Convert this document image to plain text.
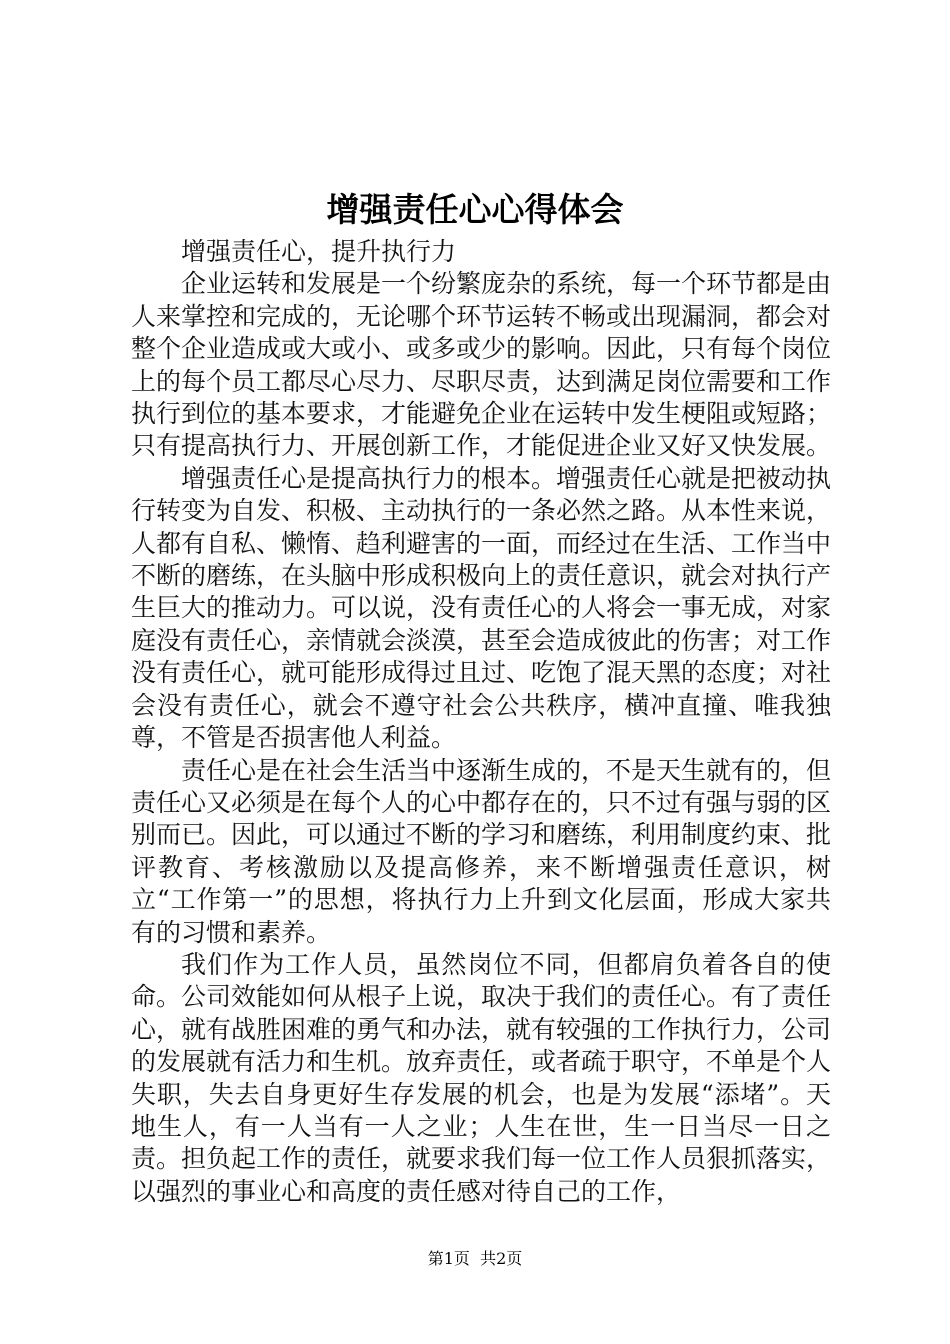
增强责任心心得体会

增强责任心，提升执行力

企业运转和发展是一个纷繁庞杂的系统，每一个环节都是由人来掌控和完成的，无论哪个环节运转不畅或出现漏洞，都会对整个企业造成或大或小、或多或少的影响。因此，只有每个岗位上的每个员工都尽心尽力、尽职尽责，达到满足岗位需要和工作执行到位的基本要求，才能避免企业在运转中发生梗阻或短路；只有提高执行力、开展创新工作，才能促进企业又好又快发展。

增强责任心是提高执行力的根本。增强责任心就是把被动执行转变为自发、积极、主动执行的一条必然之路。从本性来说，人都有自私、懒惰、趋利避害的一面，而经过在生活、工作当中不断的磨练，在头脑中形成积极向上的责任意识，就会对执行产生巨大的推动力。可以说，没有责任心的人将会一事无成，对家庭没有责任心，亲情就会淡漠，甚至会造成彼此的伤害；对工作没有责任心，就可能形成得过且过、吃饱了混天黑的态度；对社会没有责任心，就会不遵守社会公共秩序，横冲直撞、唯我独尊，不管是否损害他人利益。

责任心是在社会生活当中逐渐生成的，不是天生就有的，但责任心又必须是在每个人的心中都存在的，只不过有强与弱的区别而已。因此，可以通过不断的学习和磨练，利用制度约束、批评教育、考核激励以及提高修养，来不断增强责任意识，树立“工作第一”的思想，将执行力上升到文化层面，形成大家共有的习惯和素养。

我们作为工作人员，虽然岗位不同，但都肩负着各自的使命。公司效能如何从根子上说，取决于我们的责任心。有了责任心，就有战胜困难的勇气和办法，就有较强的工作执行力，公司的发展就有活力和生机。放弃责任，或者疏于职守，不单是个人失职，失去自身更好生存发展的机会，也是为发展“添堵”。天地生人，有一人当有一人之业；人生在世，生一日当尽一日之责。担负起工作的责任，就要求我们每一位工作人员狠抓落实，以强烈的事业心和高度的责任感对待自己的工作，

第1页  共2页
